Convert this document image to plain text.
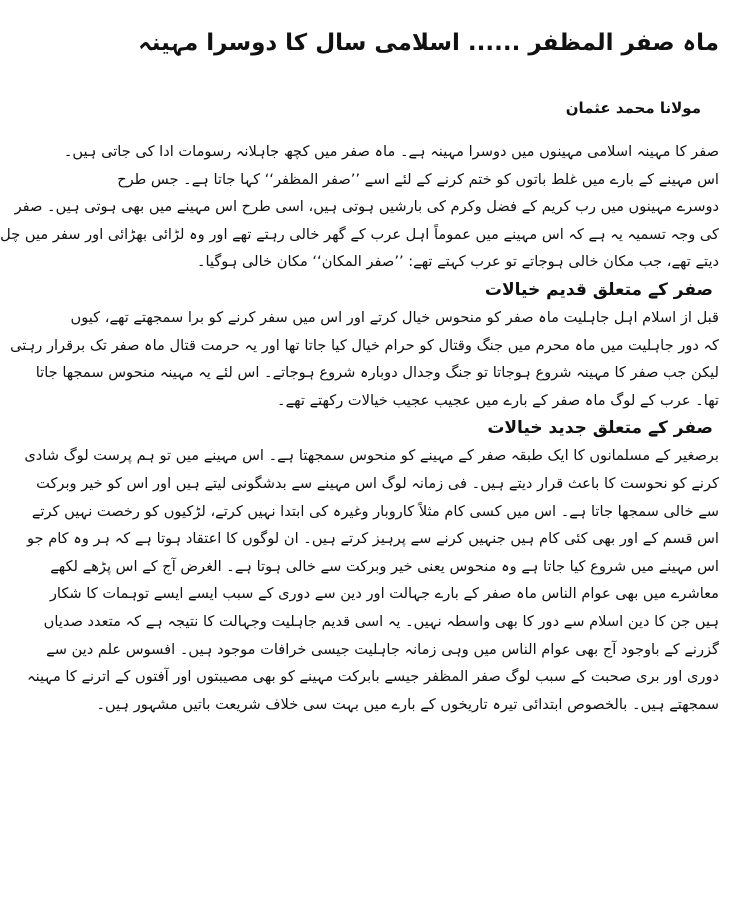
ماہ صفر المظفر ...... اسلامی سال کا دوسرا مہینہ
مولانا محمد عثمان
صفر کا مہینہ اسلامی مہینوں میں دوسرا مہینہ ہے۔ ماہ صفر میں کچھ جاہلانہ رسومات ادا کی جاتی ہیں۔
اس مہینے کے بارے میں غلط باتوں کو ختم کرنے کے لئے اسے ’’صفر المظفر‘‘ کہا جاتا ہے۔ جس طرح
دوسرے مہینوں میں رب کریم کے فضل وکرم کی بارشیں ہوتی ہیں، اسی طرح اس مہینے میں بھی ہوتی ہیں۔ صفر
کی وجہ تسمیہ یہ ہے کہ اس مہینے میں عموماً اہل عرب کے گھر خالی رہتے تھے اور وہ لڑائی بھڑائی اور سفر میں چل
دیتے تھے، جب مکان خالی ہوجاتے تو عرب کہتے تھے: ’’صفر المکان‘‘ مکان خالی ہوگیا۔
صفر کے متعلق قدیم خیالات
قبل از اسلام اہل جاہلیت ماہ صفر کو منحوس خیال کرتے اور اس میں سفر کرنے کو برا سمجھتے تھے، کیوں
کہ دور جاہلیت میں ماہ محرم میں جنگ وقتال کو حرام خیال کیا جاتا تھا اور یہ حرمت قتال ماہ صفر تک برقرار رہتی
لیکن جب صفر کا مہینہ شروع ہوجاتا تو جنگ وجدال دوبارہ شروع ہوجاتے۔ اس لئے یہ مہینہ منحوس سمجھا جاتا
تھا۔ عرب کے لوگ ماہ صفر کے بارے میں عجیب عجیب خیالات رکھتے تھے۔
صفر کے متعلق جدید خیالات
برصغیر کے مسلمانوں کا ایک طبقہ صفر کے مہینے کو منحوس سمجھتا ہے۔ اس مہینے میں تو ہم پرست لوگ شادی
کرنے کو نحوست کا باعث قرار دیتے ہیں۔ فی زمانہ لوگ اس مہینے سے بدشگونی لیتے ہیں اور اس کو خیر وبرکت
سے خالی سمجھا جاتا ہے۔ اس میں کسی کام مثلاً کاروبار وغیرہ کی ابتدا نہیں کرتے، لڑکیوں کو رخصت نہیں کرتے
اس قسم کے اور بھی کئی کام ہیں جنہیں کرنے سے پرہیز کرتے ہیں۔ ان لوگوں کا اعتقاد ہوتا ہے کہ ہر وہ کام جو
اس مہینے میں شروع کیا جاتا ہے وہ منحوس یعنی خیر وبرکت سے خالی ہوتا ہے۔ الغرض آج کے اس پڑھے لکھے
معاشرے میں بھی عوام الناس ماہ صفر کے بارے جہالت اور دین سے دوری کے سبب ایسے ایسے توہمات کا شکار
ہیں جن کا دین اسلام سے دور کا بھی واسطہ نہیں۔ یہ اسی قدیم جاہلیت وجہالت کا نتیجہ ہے کہ متعدد صدیاں
گزرنے کے باوجود آج بھی عوام الناس میں وہی زمانہ جاہلیت جیسی خرافات موجود ہیں۔ افسوس علم دین سے
دوری اور بری صحبت کے سبب لوگ صفر المظفر جیسے بابرکت مہینے کو بھی مصیبتوں اور آفتوں کے اترنے کا مہینہ
سمجھتے ہیں۔ بالخصوص ابتدائی تیرہ تاریخوں کے بارے میں بہت سی خلاف شریعت باتیں مشہور ہیں۔
